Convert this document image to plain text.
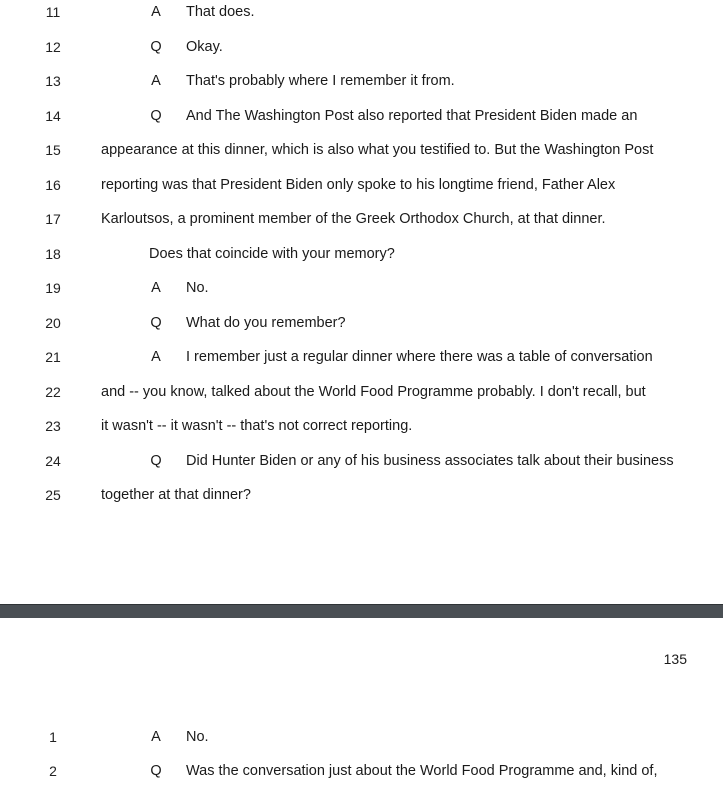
11	A That does.
12	Q Okay.
13	A That's probably where I remember it from.
14	Q And The Washington Post also reported that President Biden made an
15	appearance at this dinner, which is also what you testified to. But the Washington Post
16	reporting was that President Biden only spoke to his longtime friend, Father Alex
17	Karloutsos, a prominent member of the Greek Orthodox Church, at that dinner.
18	Does that coincide with your memory?
19	A No.
20	Q What do you remember?
21	A I remember just a regular dinner where there was a table of conversation
22	and -- you know, talked about the World Food Programme probably. I don't recall, but
23	it wasn't -- it wasn't -- that's not correct reporting.
24	Q Did Hunter Biden or any of his business associates talk about their business
25	together at that dinner?
135
1	A No.
2	Q Was the conversation just about the World Food Programme and, kind of,
